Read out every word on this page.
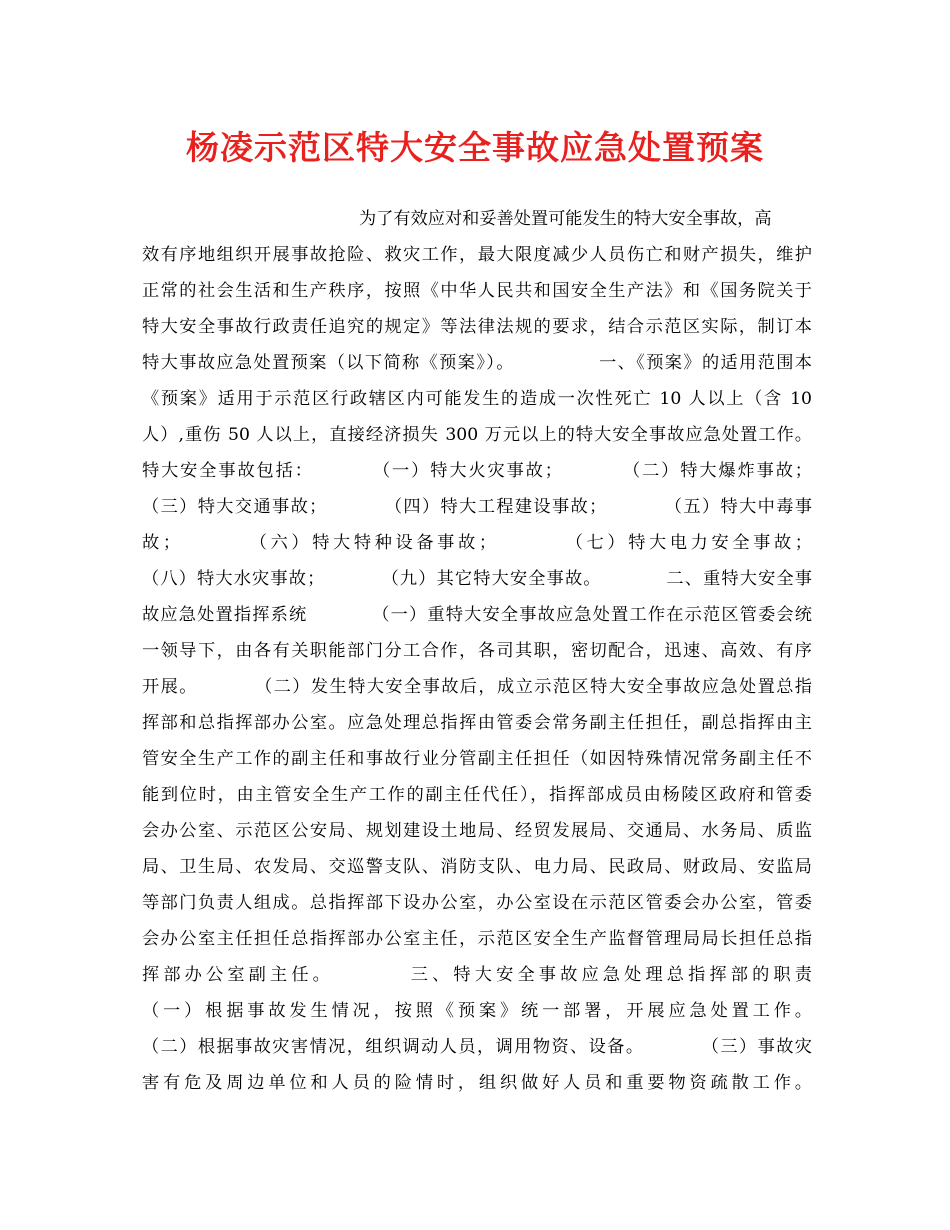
杨凌示范区特大安全事故应急处置预案

为了有效应对和妥善处置可能发生的特大安全事故，高

效有序地组织开展事故抢险、救灾工作，最大限度减少人员伤亡和财产损失，维护

正常的社会生活和生产秩序，按照《中华人民共和国安全生产法》和《国务院关于

特大安全事故行政责任追究的规定》等法律法规的要求，结合示范区实际，制订本

特大事故应急处置预案（以下简称《预案》）。　　　　　一、《预案》的适用范围本

《预案》适用于示范区行政辖区内可能发生的造成一次性死亡 10 人以上（含 10

人）,重伤 50 人以上，直接经济损失 300 万元以上的特大安全事故应急处置工作。

特大安全事故包括：　　　　（一）特大火灾事故；　　　　（二）特大爆炸事故；

（三）特大交通事故；　　　　（四）特大工程建设事故；　　　　（五）特大中毒事

故；　　　　（六）特大特种设备事故；　　　　（七）特大电力安全事故；

（八）特大水灾事故；　　　　（九）其它特大安全事故。　　　　二、重特大安全事

故应急处置指挥系统　　　　（一）重特大安全事故应急处置工作在示范区管委会统

一领导下，由各有关职能部门分工合作，各司其职，密切配合，迅速、高效、有序

开展。　　　　（二）发生特大安全事故后，成立示范区特大安全事故应急处置总指

挥部和总指挥部办公室。应急处理总指挥由管委会常务副主任担任，副总指挥由主

管安全生产工作的副主任和事故行业分管副主任担任（如因特殊情况常务副主任不

能到位时，由主管安全生产工作的副主任代任），指挥部成员由杨陵区政府和管委

会办公室、示范区公安局、规划建设土地局、经贸发展局、交通局、水务局、质监

局、卫生局、农发局、交巡警支队、消防支队、电力局、民政局、财政局、安监局

等部门负责人组成。总指挥部下设办公室，办公室设在示范区管委会办公室，管委

会办公室主任担任总指挥部办公室主任，示范区安全生产监督管理局局长担任总指

挥部办公室副主任。　　　　三、特大安全事故应急处理总指挥部的职责

（一）根据事故发生情况，按照《预案》统一部署，开展应急处置工作。

（二）根据事故灾害情况，组织调动人员，调用物资、设备。　　　　（三）事故灾

害有危及周边单位和人员的险情时，组织做好人员和重要物资疏散工作。
